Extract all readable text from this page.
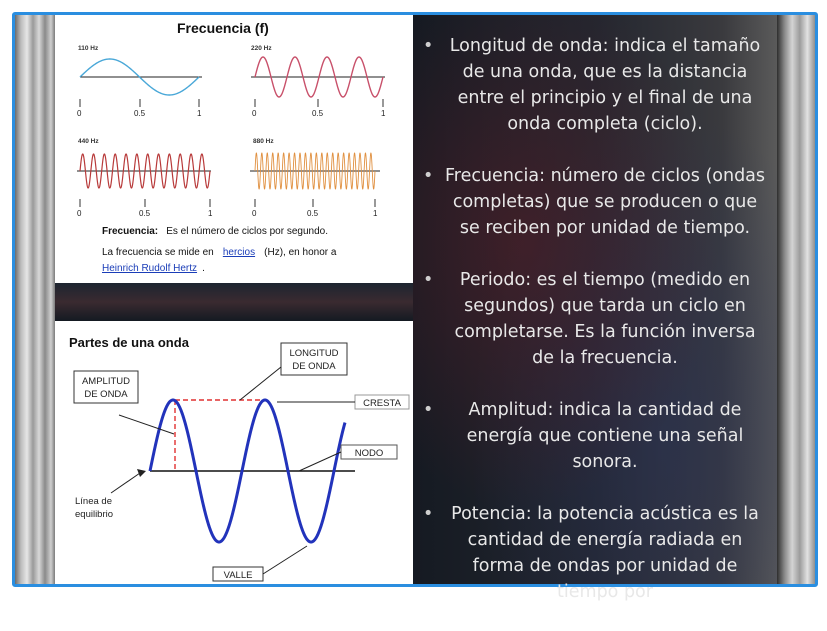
Frecuencia (f)
110 Hz
0	0.5	1
220 Hz
0	0.5	1
440 Hz
0	0.5	1
880 Hz
0	0.5	1
Frecuencia: Es el número de ciclos por segundo.
La frecuencia se mide en hercios (Hz), en honor a
Heinrich Rudolf Hertz .
Partes de una onda
LONGITUD
DE ONDA
AMPLITUD
DE ONDA
CRESTA
NODO
Línea de
equilibrio
VALLE
• Longitud de onda: indica el tamaño de una onda, que es la distancia entre el principio y el final de una onda completa (ciclo).
• Frecuencia: número de ciclos (ondas completas) que se producen o que se reciben por unidad de tiempo.
• Periodo: es el tiempo (medido en segundos) que tarda un ciclo en completarse. Es la función inversa de la frecuencia.
• Amplitud: indica la cantidad de energía que contiene una señal sonora.
• Potencia: la potencia acústica es la cantidad de energía radiada en forma de ondas por unidad de tiempo por
